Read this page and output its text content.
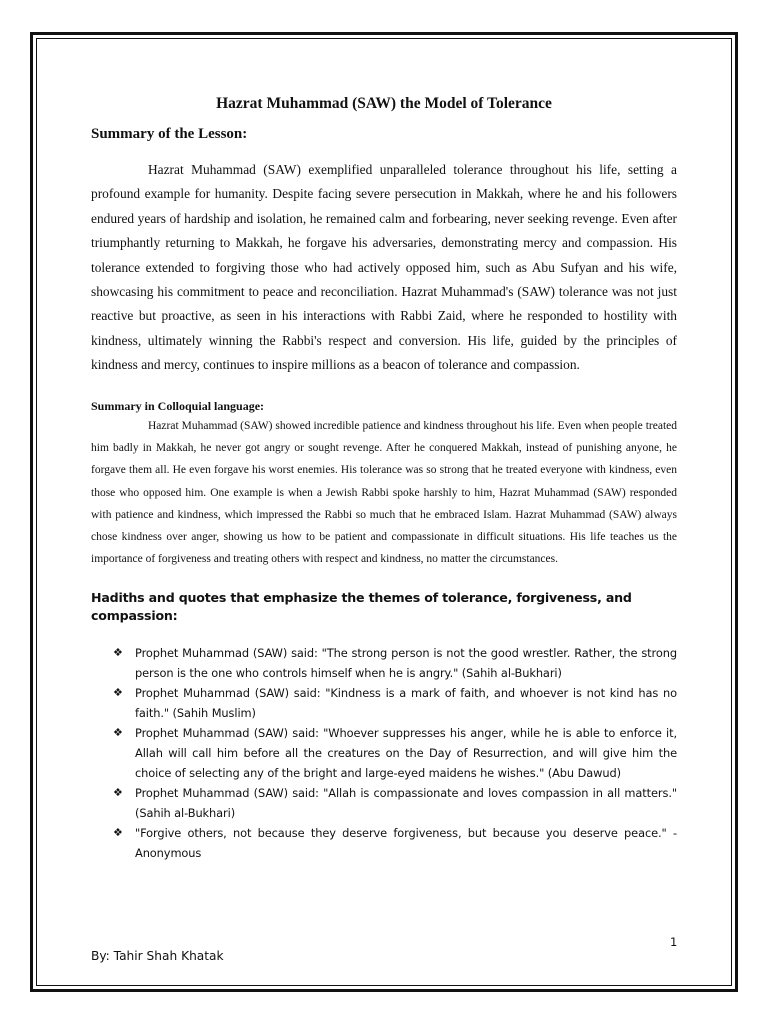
Hazrat Muhammad (SAW) the Model of Tolerance
Summary of the Lesson:

Hazrat Muhammad (SAW) exemplified unparalleled tolerance throughout his life, setting a profound example for humanity. Despite facing severe persecution in Makkah, where he and his followers endured years of hardship and isolation, he remained calm and forbearing, never seeking revenge. Even after triumphantly returning to Makkah, he forgave his adversaries, demonstrating mercy and compassion. His tolerance extended to forgiving those who had actively opposed him, such as Abu Sufyan and his wife, showcasing his commitment to peace and reconciliation. Hazrat Muhammad's (SAW) tolerance was not just reactive but proactive, as seen in his interactions with Rabbi Zaid, where he responded to hostility with kindness, ultimately winning the Rabbi's respect and conversion. His life, guided by the principles of kindness and mercy, continues to inspire millions as a beacon of tolerance and compassion.

Summary in Colloquial language:

Hazrat Muhammad (SAW) showed incredible patience and kindness throughout his life. Even when people treated him badly in Makkah, he never got angry or sought revenge. After he conquered Makkah, instead of punishing anyone, he forgave them all. He even forgave his worst enemies. His tolerance was so strong that he treated everyone with kindness, even those who opposed him. One example is when a Jewish Rabbi spoke harshly to him, Hazrat Muhammad (SAW) responded with patience and kindness, which impressed the Rabbi so much that he embraced Islam. Hazrat Muhammad (SAW) always chose kindness over anger, showing us how to be patient and compassionate in difficult situations. His life teaches us the importance of forgiveness and treating others with respect and kindness, no matter the circumstances.

Hadiths and quotes that emphasize the themes of tolerance, forgiveness, and compassion:
❖ Prophet Muhammad (SAW) said: "The strong person is not the good wrestler. Rather, the strong person is the one who controls himself when he is angry." (Sahih al-Bukhari)
❖ Prophet Muhammad (SAW) said: "Kindness is a mark of faith, and whoever is not kind has no faith." (Sahih Muslim)
❖ Prophet Muhammad (SAW) said: "Whoever suppresses his anger, while he is able to enforce it, Allah will call him before all the creatures on the Day of Resurrection, and will give him the choice of selecting any of the bright and large-eyed maidens he wishes." (Abu Dawud)
❖ Prophet Muhammad (SAW) said: "Allah is compassionate and loves compassion in all matters." (Sahih al-Bukhari)
❖ "Forgive others, not because they deserve forgiveness, but because you deserve peace." - Anonymous
1
By: Tahir Shah Khatak
